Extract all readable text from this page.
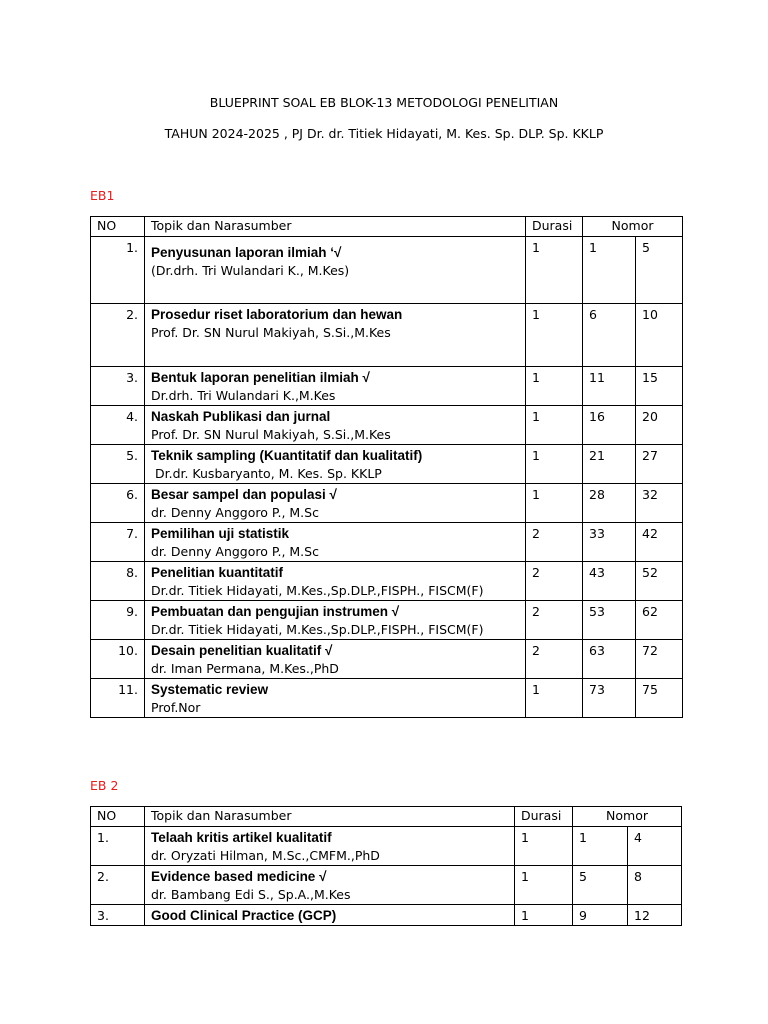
BLUEPRINT SOAL EB BLOK-13 METODOLOGI PENELITIAN
TAHUN 2024-2025 , PJ Dr. dr. Titiek Hidayati, M. Kes. Sp. DLP. Sp. KKLP
EB1
NO	Topik dan Narasumber	Durasi	Nomor	

1.	Penyusunan laporan ilmiah ‘√
(Dr.drh. Tri Wulandari K., M.Kes)	1	1	5

2.	Prosedur riset laboratorium dan hewan
Prof. Dr. SN Nurul Makiyah, S.Si.,M.Kes	1	6	10

3.	Bentuk laporan penelitian ilmiah √
Dr.drh. Tri Wulandari K.,M.Kes	1	11	15

4.	Naskah Publikasi dan jurnal
Prof. Dr. SN Nurul Makiyah, S.Si.,M.Kes	1	16	20

5.	Teknik sampling (Kuantitatif dan kualitatif)
Dr.dr. Kusbaryanto, M. Kes. Sp. KKLP	1	21	27

6.	Besar sampel dan populasi √
dr. Denny Anggoro P., M.Sc	1	28	32

7.	Pemilihan uji statistik
dr. Denny Anggoro P., M.Sc	2	33	42

8.	Penelitian kuantitatif
Dr.dr. Titiek Hidayati, M.Kes.,Sp.DLP.,FISPH., FISCM(F)	2	43	52

9.	Pembuatan dan pengujian instrumen √
Dr.dr. Titiek Hidayati, M.Kes.,Sp.DLP.,FISPH., FISCM(F)	2	53	62

10.	Desain penelitian kualitatif √
dr. Iman Permana, M.Kes.,PhD	2	63	72

11.	Systematic review
Prof.Nor	1	73	75
EB 2
NO	Topik dan Narasumber	Durasi	Nomor	

1.	Telaah kritis artikel kualitatif
dr. Oryzati Hilman, M.Sc.,CMFM.,PhD	1	1	4

2.	Evidence based medicine √
dr. Bambang Edi S., Sp.A.,M.Kes	1	5	8

3.	Good Clinical Practice (GCP)	1	9	12
